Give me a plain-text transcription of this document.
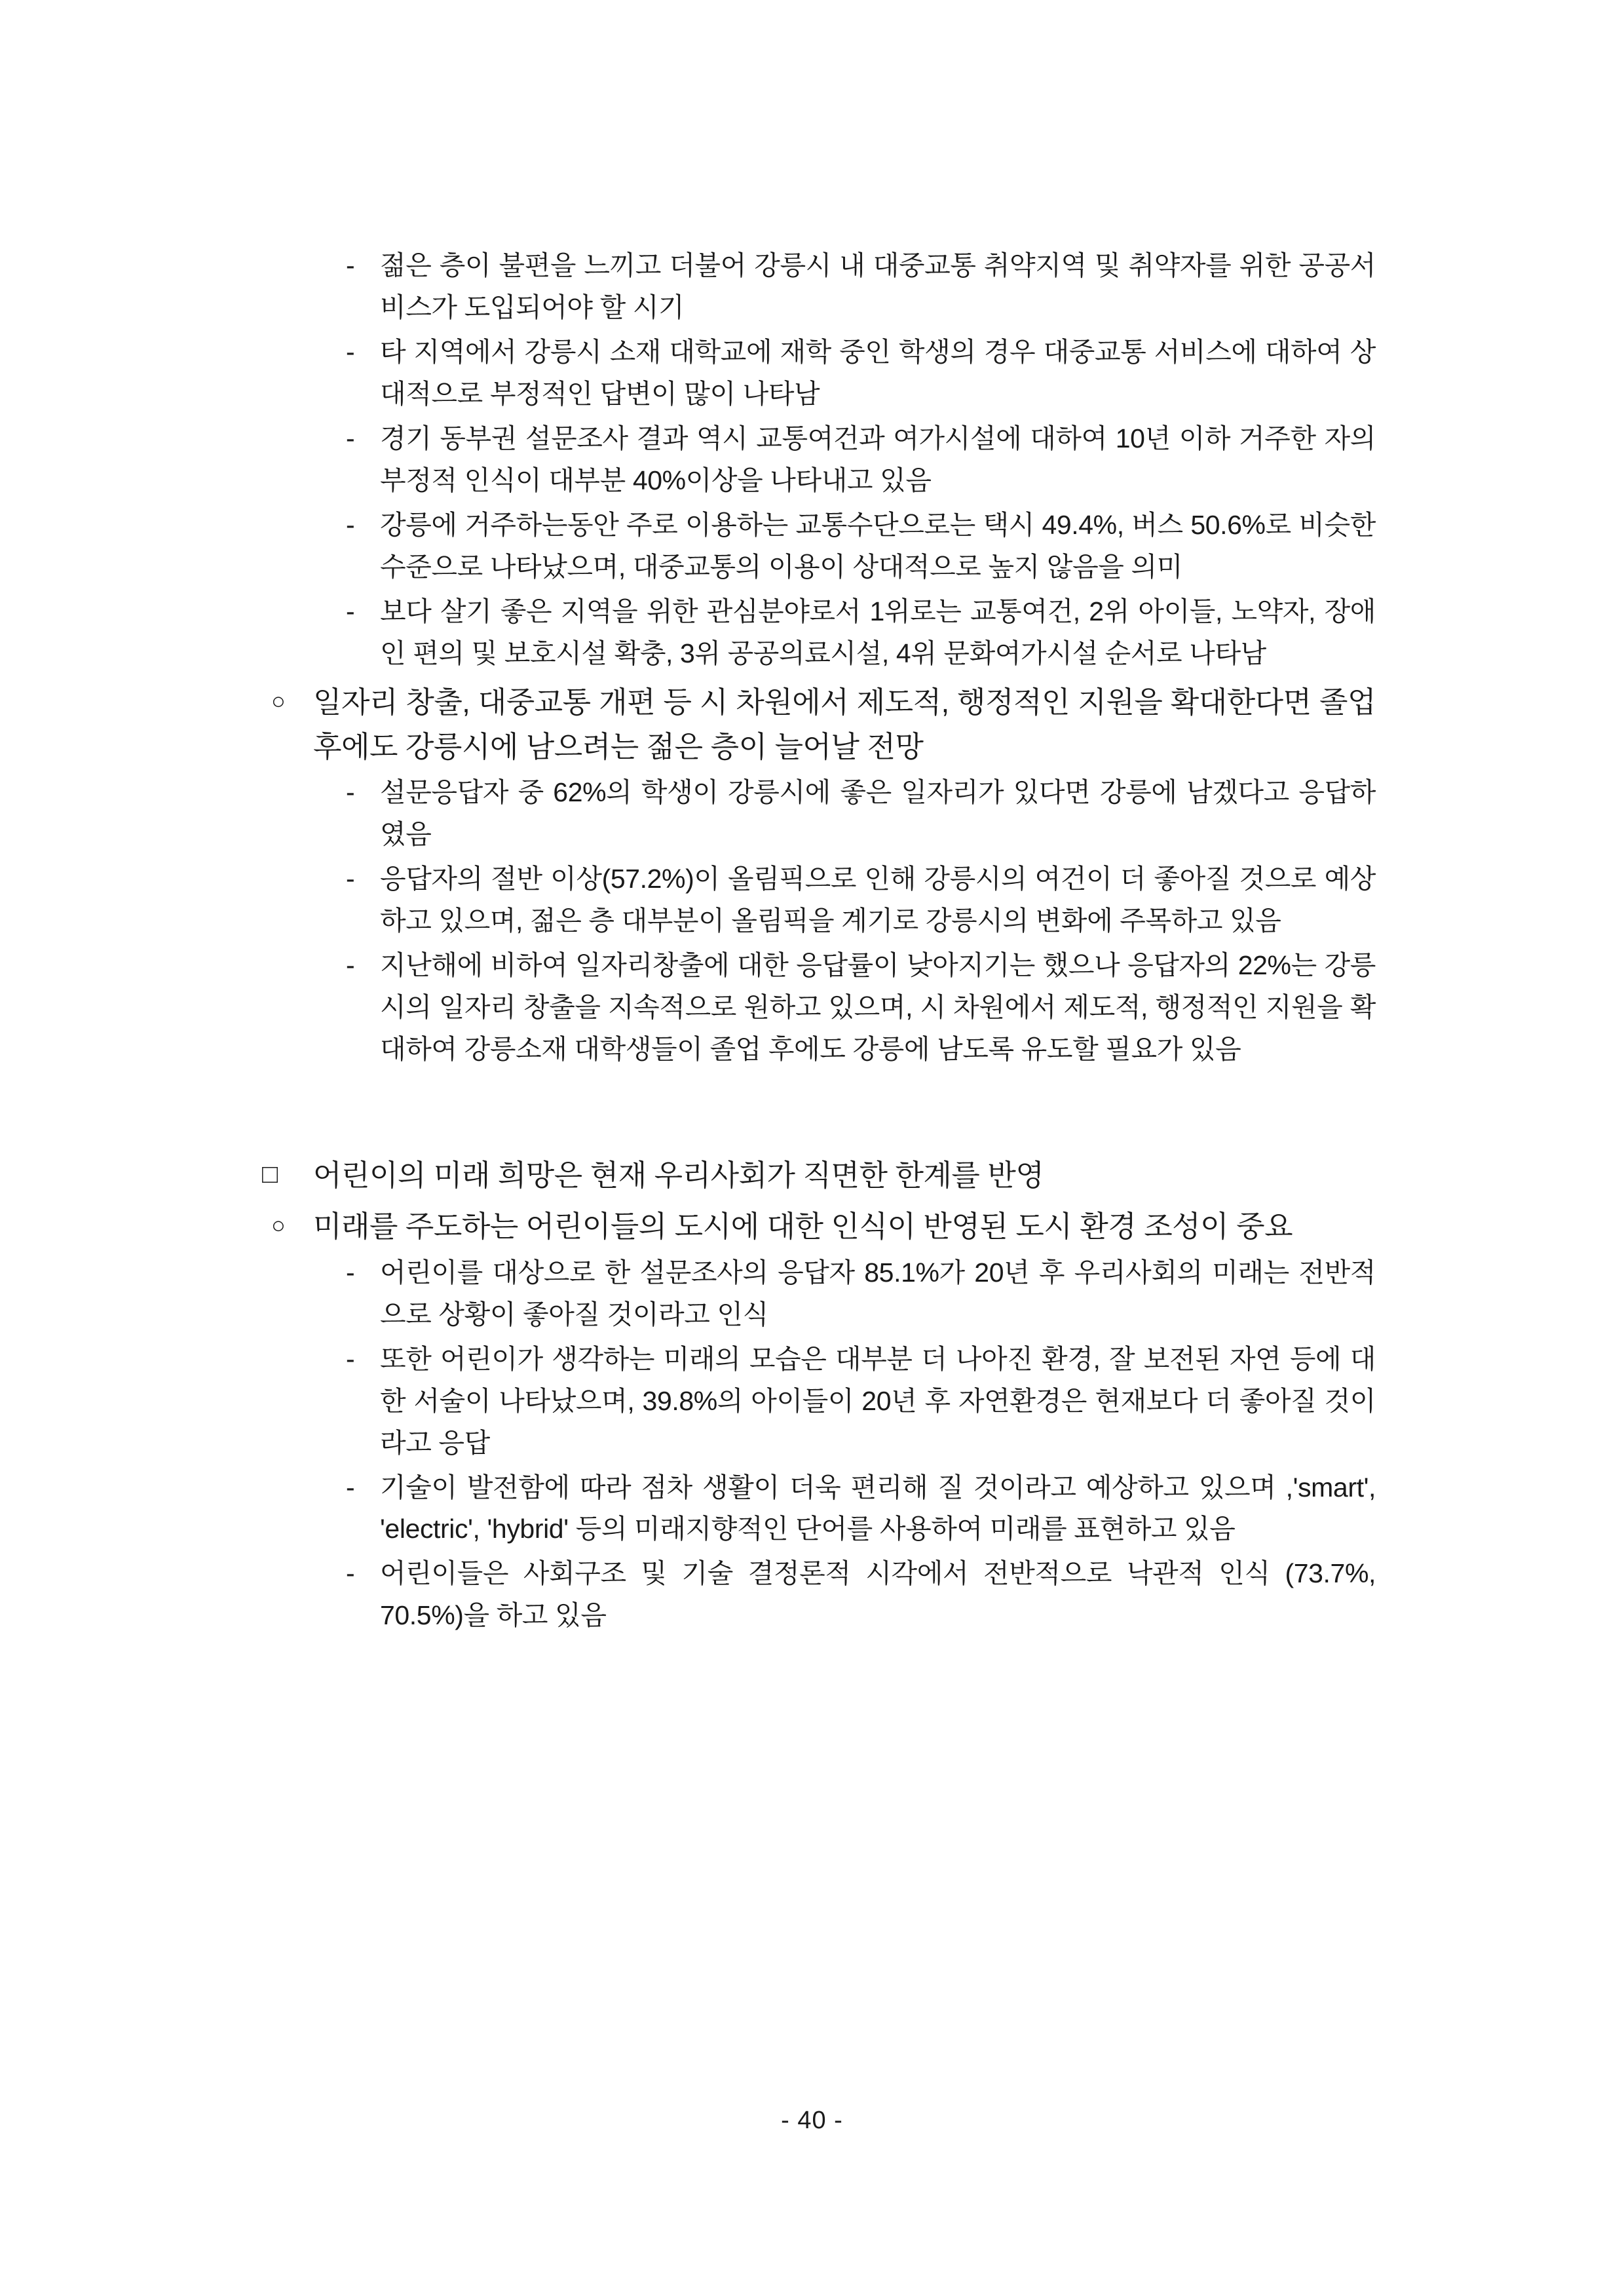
- 젊은 층이 불편을 느끼고 더불어 강릉시 내 대중교통 취약지역 및 취약자를 위한 공공서비스가 도입되어야 할 시기
- 타 지역에서 강릉시 소재 대학교에 재학 중인 학생의 경우 대중교통 서비스에 대하여 상대적으로 부정적인 답변이 많이 나타남
- 경기 동부권 설문조사 결과 역시 교통여건과 여가시설에 대하여 10년 이하 거주한 자의 부정적 인식이 대부분 40%이상을 나타내고 있음
- 강릉에 거주하는동안 주로 이용하는 교통수단으로는 택시 49.4%, 버스 50.6%로 비슷한 수준으로 나타났으며, 대중교통의 이용이 상대적으로 높지 않음을 의미
- 보다 살기 좋은 지역을 위한 관심분야로서 1위로는 교통여건, 2위 아이들, 노약자, 장애인 편의 및 보호시설 확충, 3위 공공의료시설, 4위 문화여가시설 순서로 나타남
○ 일자리 창출, 대중교통 개편 등 시 차원에서 제도적, 행정적인 지원을 확대한다면 졸업 후에도 강릉시에 남으려는 젊은 층이 늘어날 전망
- 설문응답자 중 62%의 학생이 강릉시에 좋은 일자리가 있다면 강릉에 남겠다고 응답하였음
- 응답자의 절반 이상(57.2%)이 올림픽으로 인해 강릉시의 여건이 더 좋아질 것으로 예상하고 있으며, 젊은 층 대부분이 올림픽을 계기로 강릉시의 변화에 주목하고 있음
- 지난해에 비하여 일자리창출에 대한 응답률이 낮아지기는 했으나 응답자의 22%는 강릉시의 일자리 창출을 지속적으로 원하고 있으며, 시 차원에서 제도적, 행정적인 지원을 확대하여 강릉소재 대학생들이 졸업 후에도 강릉에 남도록 유도할 필요가 있음
□ 어린이의 미래 희망은 현재 우리사회가 직면한 한계를 반영
○ 미래를 주도하는 어린이들의 도시에 대한 인식이 반영된 도시 환경 조성이 중요
- 어린이를 대상으로 한 설문조사의 응답자 85.1%가 20년 후 우리사회의 미래는 전반적으로 상황이 좋아질 것이라고 인식
- 또한 어린이가 생각하는 미래의 모습은 대부분 더 나아진 환경, 잘 보전된 자연 등에 대한 서술이 나타났으며, 39.8%의 아이들이 20년 후 자연환경은 현재보다 더 좋아질 것이라고 응답
- 기술이 발전함에 따라 점차 생활이 더욱 편리해 질 것이라고 예상하고 있으며 ,'smart', 'electric', 'hybrid' 등의 미래지향적인 단어를 사용하여 미래를 표현하고 있음
- 어린이들은 사회구조 및 기술 결정론적 시각에서 전반적으로 낙관적 인식 (73.7%, 70.5%)을 하고 있음
- 40 -
